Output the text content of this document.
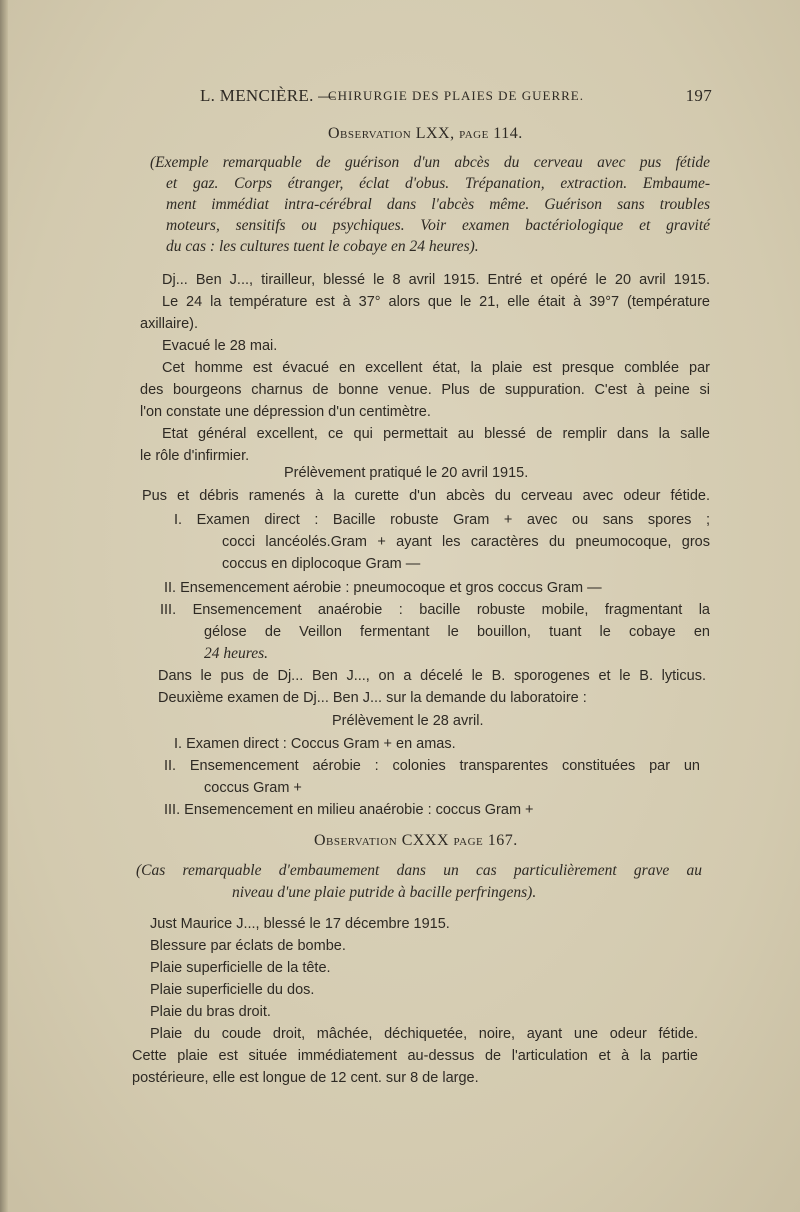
L. MENCIÈRE. —
CHIRURGIE DES PLAIES DE GUERRE.	197
Observation LXX, page 114.
(Exemple remarquable de guérison d'un abcès du cerveau avec pus fétide
et gaz. Corps étranger, éclat d'obus. Trépanation, extraction. Embaume-
ment immédiat intra-cérébral dans l'abcès même. Guérison sans troubles
moteurs, sensitifs ou psychiques. Voir examen bactériologique et gravité
du cas : les cultures tuent le cobaye en 24 heures).
Dj... Ben J..., tirailleur, blessé le 8 avril 1915. Entré et opéré le 20 avril 1915.
Le 24 la température est à 37° alors que le 21, elle était à 39°7 (température
axillaire).
Evacué le 28 mai.
Cet homme est évacué en excellent état, la plaie est presque comblée par
des bourgeons charnus de bonne venue. Plus de suppuration. C'est à peine si
l'on constate une dépression d'un centimètre.
Etat général excellent, ce qui permettait au blessé de remplir dans la salle
le rôle d'infirmier.
Prélèvement pratiqué le 20 avril 1915.
Pus et débris ramenés à la curette d'un abcès du cerveau avec odeur fétide.
I. Examen direct : Bacille robuste Gram + avec ou sans spores ;
cocci lancéolés.Gram + ayant les caractères du pneumocoque, gros
coccus en diplocoque Gram —
II. Ensemencement aérobie : pneumocoque et gros coccus Gram —
III. Ensemencement anaérobie : bacille robuste mobile, fragmentant la
gélose de Veillon fermentant le bouillon, tuant le cobaye en
24 heures.
Dans le pus de Dj... Ben J..., on a décelé le B. sporogenes et le B. lyticus.
Deuxième examen de Dj... Ben J... sur la demande du laboratoire :
Prélèvement le 28 avril.
I. Examen direct : Coccus Gram + en amas.
II. Ensemencement aérobie : colonies transparentes constituées par un
coccus Gram +
III. Ensemencement en milieu anaérobie : coccus Gram +
Observation CXXX page 167.
(Cas remarquable d'embaumement dans un cas particulièrement grave au
niveau d'une plaie putride à bacille perfringens).
Just Maurice J..., blessé le 17 décembre 1915.
Blessure par éclats de bombe.
Plaie superficielle de la tête.
Plaie superficielle du dos.
Plaie du bras droit.
Plaie du coude droit, mâchée, déchiquetée, noire, ayant une odeur fétide.
Cette plaie est située immédiatement au-dessus de l'articulation et à la partie
postérieure, elle est longue de 12 cent. sur 8 de large.
